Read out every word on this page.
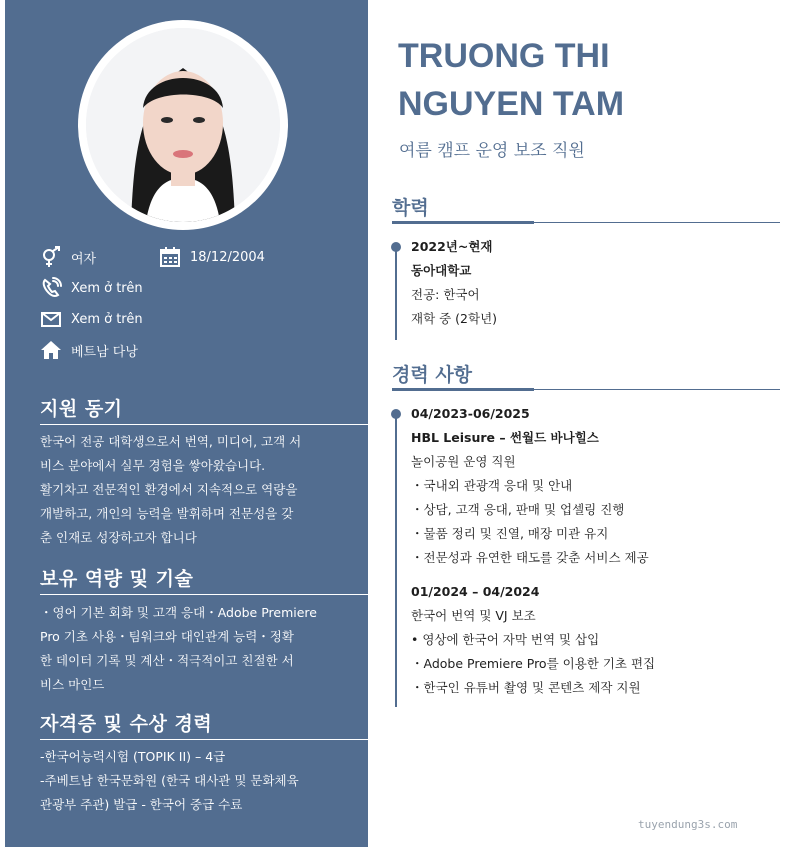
여자	18/12/2004
Xem ở trên
Xem ở trên
베트남 다낭
지원 동기
한국어 전공 대학생으로서 번역, 미디어, 고객 서
비스 분야에서 실무 경험을 쌓아왔습니다.
활기차고 전문적인 환경에서 지속적으로 역량을
개발하고, 개인의 능력을 발휘하며 전문성을 갖
춘 인재로 성장하고자 합니다
보유 역량 및 기술
・영어 기본 회화 및 고객 응대・Adobe Premiere
Pro 기초 사용・팀워크와 대인관계 능력・정확
한 데이터 기록 및 계산・적극적이고 친절한 서
비스 마인드
자격증 및 수상 경력
-한국어능력시험 (TOPIK II) – 4급
-주베트남 한국문화원 (한국 대사관 및 문화체육
관광부 주관) 발급 - 한국어 중급 수료
TRUONG THI
NGUYEN TAM
여름 캠프 운영 보조 직원
학력
2022년~현재
동아대학교
전공: 한국어
재학 중 (2학년)
경력 사항
04/2023-06/2025
HBL Leisure – 썬월드 바나힐스
놀이공원 운영 직원
・국내외 관광객 응대 및 안내
・상담, 고객 응대, 판매 및 업셀링 진행
・물품 정리 및 진열, 매장 미관 유지
・전문성과 유연한 태도를 갖춘 서비스 제공
01/2024 – 04/2024
한국어 번역 및 VJ 보조
• 영상에 한국어 자막 번역 및 삽입
・Adobe Premiere Pro를 이용한 기초 편집
・한국인 유튜버 촬영 및 콘텐츠 제작 지원
tuyendung3s.com
